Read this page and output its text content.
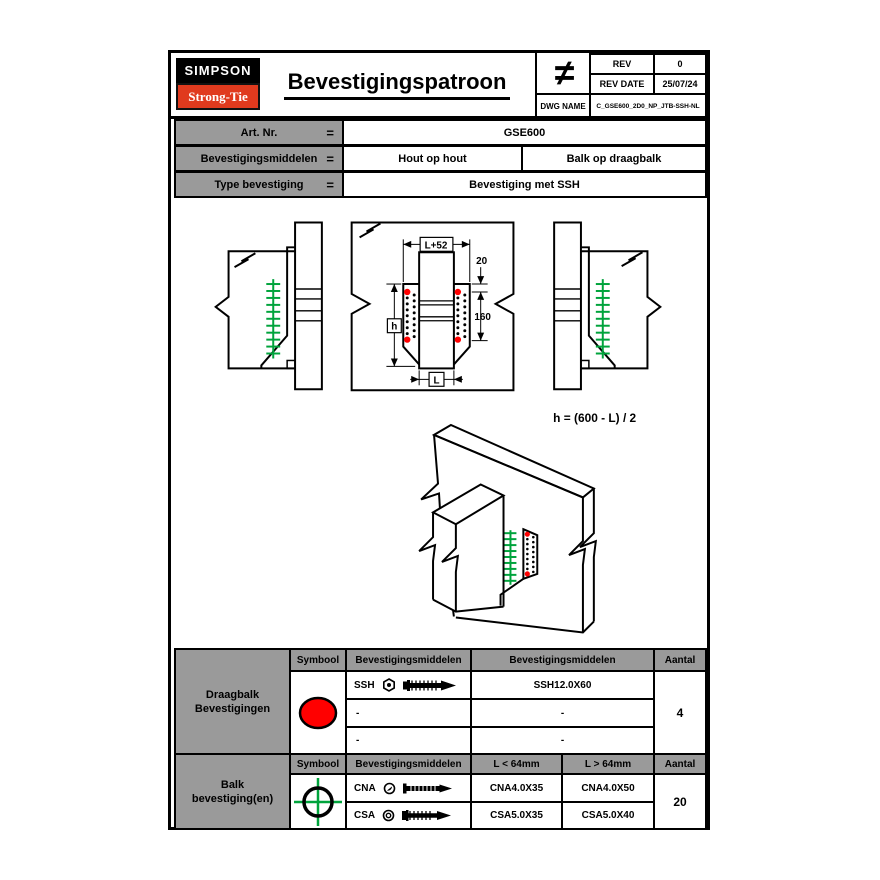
SIMPSON
Strong-Tie
Bevestigingspatroon	≠	REV	0
REV DATE	25/07/24
DWG NAME	C_GSE600_2D0_NP_JTB-SSH-NL
Art. Nr.	=	GSE600
Bevestigingsmiddelen =	Hout op hout	Balk op draagbalk
Type bevestiging =	Bevestiging met SSH
L+52
h
L
20
160
h = (600 - L) / 2
Draagbalk
Bevestigingen
Symbool	Bevestigingsmiddelen	Bevestigingsmiddelen	Aantal
SSH	SSH12.0X60
-	-
-	-
4
Balk
bevestiging(en)
Symbool	Bevestigingsmiddelen	L < 64mm	L > 64mm	Aantal
CNA	CNA4.0X35	CNA4.0X50
CSA	CSA5.0X35	CSA5.0X40
20
